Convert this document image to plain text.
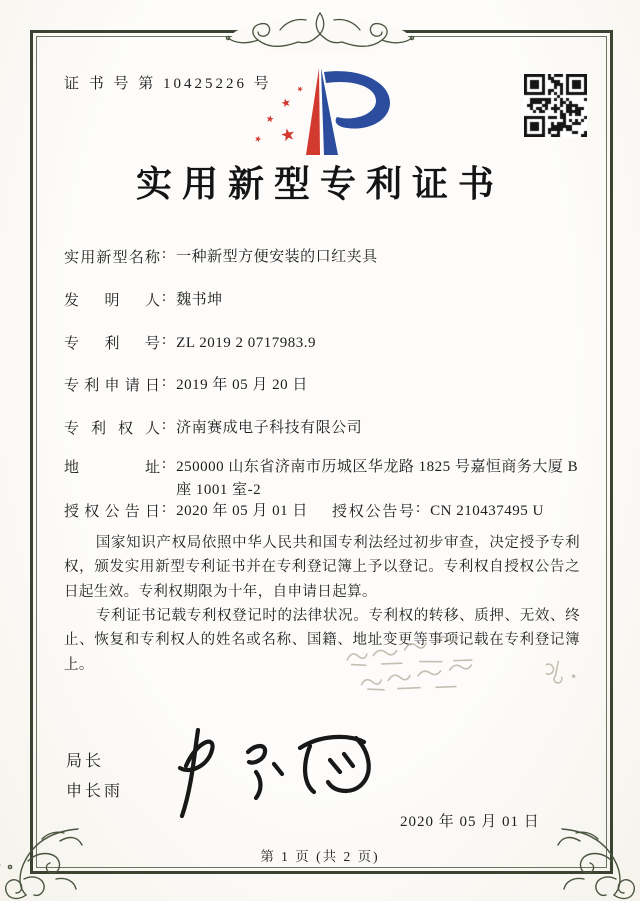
证 书 号 第 10425226 号
实用新型专利证书
实用新型名称 : 一种新型方便安装的口红夹具
发明人 : 魏书坤
专利号 : ZL 2019 2 0717983.9
专利申请日 : 2019 年 05 月 20 日
专利权人 : 济南赛成电子科技有限公司
地址 : 250000 山东省济南市历城区华龙路 1825 号嘉恒商务大厦 B 座 1001 室-2
授权公告日 : 2020 年 05 月 01 日 授权公告号 : CN 210437495 U

国家知识产权局依照中华人民共和国专利法经过初步审查，决定授予专利权，颁发实用新型专利证书并在专利登记簿上予以登记。专利权自授权公告之日起生效。专利权期限为十年，自申请日起算。

专利证书记载专利权登记时的法律状况。专利权的转移、质押、无效、终止、恢复和专利权人的姓名或名称、国籍、地址变更等事项记载在专利登记簿上。

局长
申长雨
2020 年 05 月 01 日
第 1 页 (共 2 页)
